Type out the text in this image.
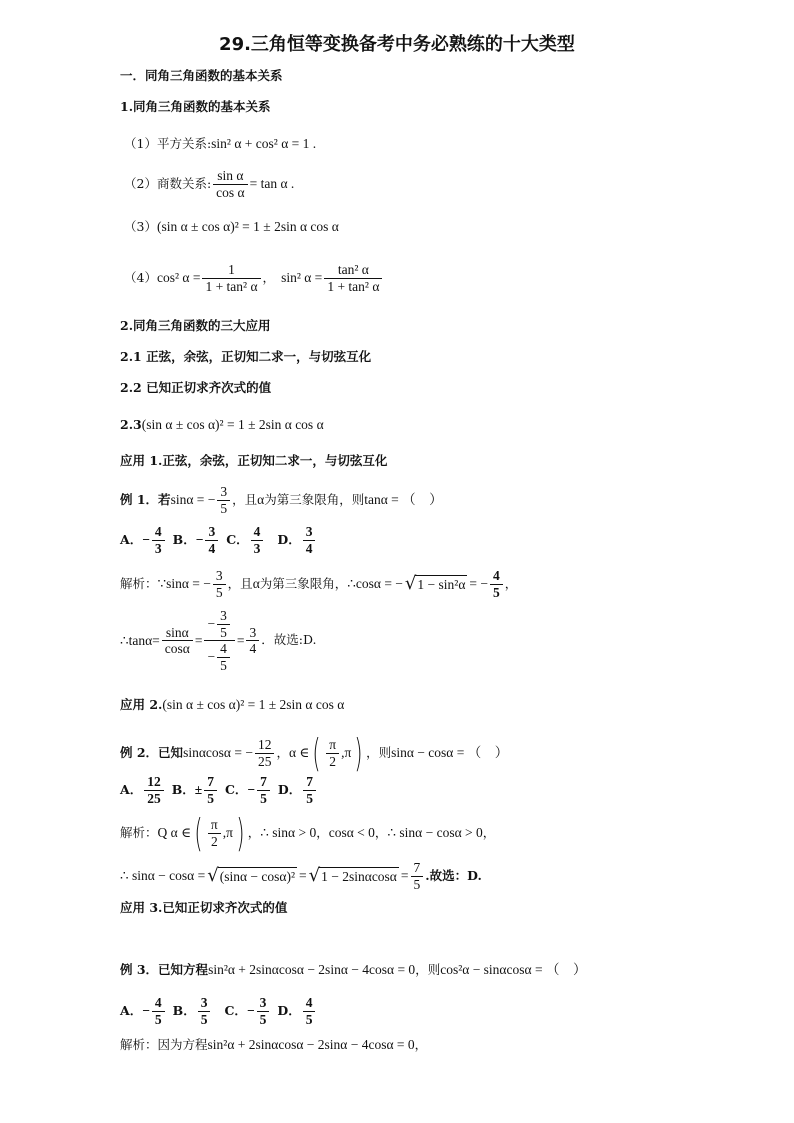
29.三角恒等变换备考中务必熟练的十大类型
一．同角三角函数的基本关系
1.同角三角函数的基本关系
（1）平方关系: sin² α + cos² α = 1 .
（2）商数关系: $\frac{\text{sin α}}{\text{cos α}} = \tan \alpha$ .
（3） (sin α ± cos α)² = 1 ± 2sin α cos α
（4） cos² $\alpha = \frac{1}{\text{1 + tan² α}}$ ， sin² $\alpha = \frac{\text{tan² α}}{\text{1 + tan² α}}$
2.同角三角函数的三大应用
2.1 正弦，余弦，正切知二求一，与切弦互化
2.2 已知正切求齐次式的值
2.3 (sin α ± cos α)² = 1 ± 2sin α cos α
应用 1.正弦，余弦，正切知二求一，与切弦互化
例 1．若 sinα = − $\frac{3}{5}$ ，且 α 为第三象限角，则 tanα = （　）
A． − $\frac{4}{3}$ B． − $\frac{3}{4}$ C． $\frac{4}{3}$ D． $\frac{3}{4}$
解析： ∵sinα = − $\frac{3}{5}$ ，且 α 为第三象限角， ∴cosα = − √ 1 − sin²α = − $\frac{4}{5}$ ，
∴tanα= $\frac{\sin\alpha}{\cos\alpha} = \frac{- \frac{3}{5}}{- \frac{4}{5}} = \frac{3}{4}$ ．故选:D.
应用 2. (sin α ± cos α)² = 1 ± 2sin α cos α
例 2．已知 sinαcosα = − $\frac{12}{25}$ ， α ∈ ( $\frac{\pi}{2} ,\pi$ ) ，则 sinα − cosα = （　）
A． $\frac{12}{25}$ B． ± $\frac{7}{5}$ C． − $\frac{7}{5}$ D． $\frac{7}{5}$
解析： Q α ∈ ( $\frac{\pi}{2} ,\pi$ ) ， ∴ sinα > 0 ， cosα < 0 ， ∴ sinα − cosα > 0 ，
∴ sinα − cosα = √ (sinα − cosα)² = √ $1 - 2\sin\alpha\cos\alpha = \frac{7}{5}$ .故选：D.
应用 3.已知正切求齐次式的值
例 3．已知方程 sin²α + 2sinαcosα − 2sinα − 4cosα = 0 ，则 cos²α − sinαcosα = （　）
A． − $\frac{4}{5}$ B． $\frac{3}{5}$ C． − $\frac{3}{5}$ D． $\frac{4}{5}$
解析：因为方程 sin²α + 2sinαcosα − 2sinα − 4cosα = 0 ，
